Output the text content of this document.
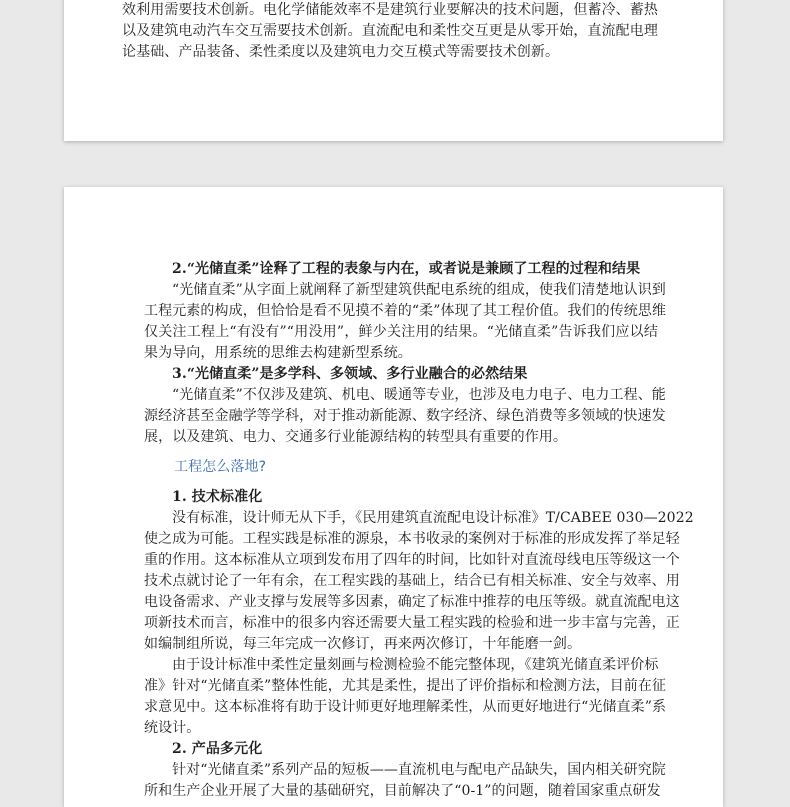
效利用需要技术创新。电化学储能效率不是建筑行业要解决的技术问题，但蓄冷、蓄热
以及建筑电动汽车交互需要技术创新。直流配电和柔性交互更是从零开始，直流配电理
论基础、产品装备、柔性柔度以及建筑电力交互模式等需要技术创新。
2.“光储直柔”诠释了工程的表象与内在，或者说是兼顾了工程的过程和结果
“光储直柔”从字面上就阐释了新型建筑供配电系统的组成，使我们清楚地认识到
工程元素的构成，但恰恰是看不见摸不着的“柔”体现了其工程价值。我们的传统思维
仅关注工程上“有没有”“用没用”，鲜少关注用的结果。“光储直柔”告诉我们应以结
果为导向，用系统的思维去构建新型系统。
3.“光储直柔”是多学科、多领域、多行业融合的必然结果
“光储直柔”不仅涉及建筑、机电、暖通等专业，也涉及电力电子、电力工程、能
源经济甚至金融学等学科，对于推动新能源、数字经济、绿色消费等多领域的快速发
展，以及建筑、电力、交通多行业能源结构的转型具有重要的作用。
工程怎么落地?
1. 技术标准化
没有标准，设计师无从下手，《民用建筑直流配电设计标准》T/CABEE 030—2022
使之成为可能。工程实践是标准的源泉，本书收录的案例对于标准的形成发挥了举足轻
重的作用。这本标准从立项到发布用了四年的时间，比如针对直流母线电压等级这一个
技术点就讨论了一年有余，在工程实践的基础上，结合已有相关标准、安全与效率、用
电设备需求、产业支撑与发展等多因素，确定了标准中推荐的电压等级。就直流配电这
项新技术而言，标准中的很多内容还需要大量工程实践的检验和进一步丰富与完善，正
如编制组所说，每三年完成一次修订，再来两次修订，十年能磨一剑。
由于设计标准中柔性定量刻画与检测检验不能完整体现，《建筑光储直柔评价标
准》针对“光储直柔”整体性能，尤其是柔性，提出了评价指标和检测方法，目前在征
求意见中。这本标准将有助于设计师更好地理解柔性，从而更好地进行“光储直柔”系
统设计。
2. 产品多元化
针对“光储直柔”系列产品的短板——直流机电与配电产品缺失，国内相关研究院
所和生产企业开展了大量的基础研究，目前解决了“0-1”的问题，随着国家重点研发
